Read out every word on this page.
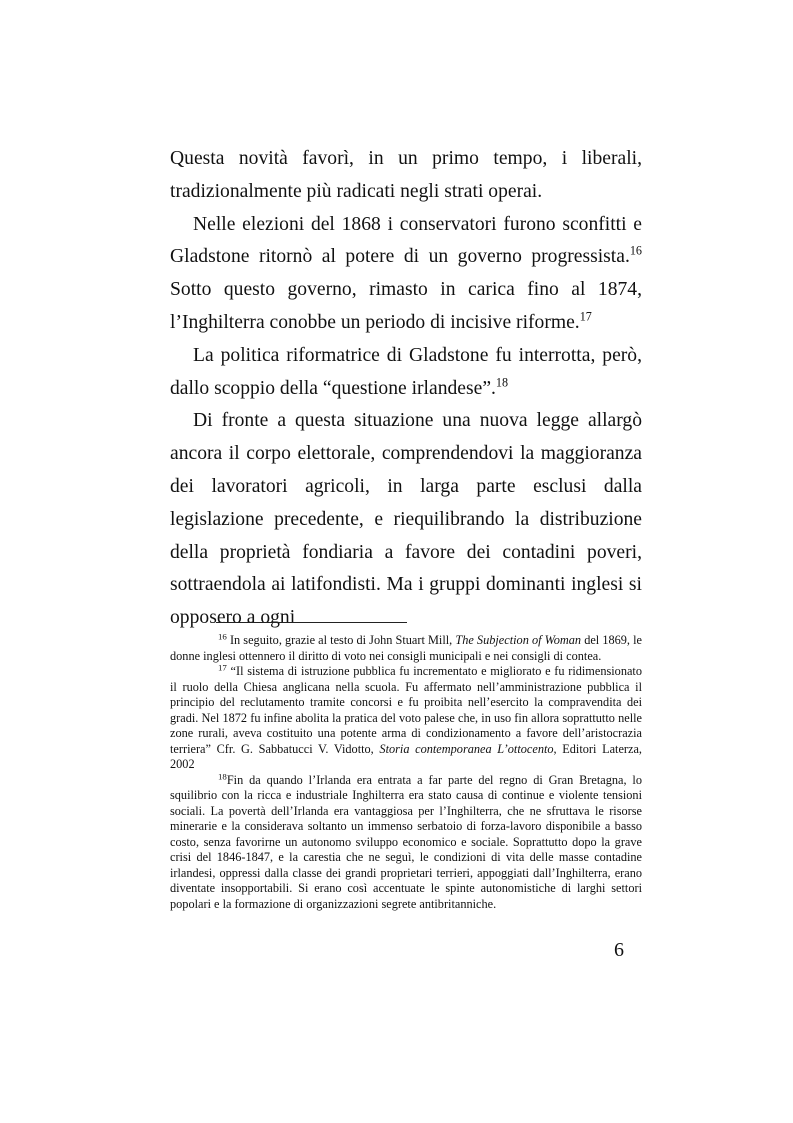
Questa novità favorì, in un primo tempo, i liberali, tradizionalmente più radicati negli strati operai.

Nelle elezioni del 1868 i conservatori furono sconfitti e Gladstone ritornò al potere di un governo progressista.$^{16}$ Sotto questo governo, rimasto in carica fino al 1874, l’Inghilterra conobbe un periodo di incisive riforme.$^{17}$

La politica riformatrice di Gladstone fu interrotta, però, dallo scoppio della “questione irlandese”.$^{18}$

Di fronte a questa situazione una nuova legge allargò ancora il corpo elettorale, comprendendovi la maggioranza dei lavoratori agricoli, in larga parte esclusi dalla legislazione precedente, e riequilibrando la distribuzione della proprietà fondiaria a favore dei contadini poveri, sottraendola ai latifondisti. Ma i gruppi dominanti inglesi si opposero a ogni

$^{16}$ In seguito, grazie al testo di John Stuart Mill, The Subjection of Woman del 1869, le donne inglesi ottennero il diritto di voto nei consigli municipali e nei consigli di contea.

$^{17}$ “Il sistema di istruzione pubblica fu incrementato e migliorato e fu ridimensionato il ruolo della Chiesa anglicana nella scuola. Fu affermato nell’amministrazione pubblica il principio del reclutamento tramite concorsi e fu proibita nell’esercito la compravendita dei gradi. Nel 1872 fu infine abolita la pratica del voto palese che, in uso fin allora soprattutto nelle zone rurali, aveva costituito una potente arma di condizionamento a favore dell’aristocrazia terriera” Cfr. G. Sabbatucci V. Vidotto, Storia contemporanea L’ottocento, Editori Laterza, 2002

$^{18}$Fin da quando l’Irlanda era entrata a far parte del regno di Gran Bretagna, lo squilibrio con la ricca e industriale Inghilterra era stato causa di continue e violente tensioni sociali. La povertà dell’Irlanda era vantaggiosa per l’Inghilterra, che ne sfruttava le risorse minerarie e la considerava soltanto un immenso serbatoio di forza-lavoro disponibile a basso costo, senza favorirne un autonomo sviluppo economico e sociale. Soprattutto dopo la grave crisi del 1846-1847, e la carestia che ne seguì, le condizioni di vita delle masse contadine irlandesi, oppressi dalla classe dei grandi proprietari terrieri, appoggiati dall’Inghilterra, erano diventate insopportabili. Si erano così accentuate le spinte autonomistiche di larghi settori popolari e la formazione di organizzazioni segrete antibritanniche.

6
